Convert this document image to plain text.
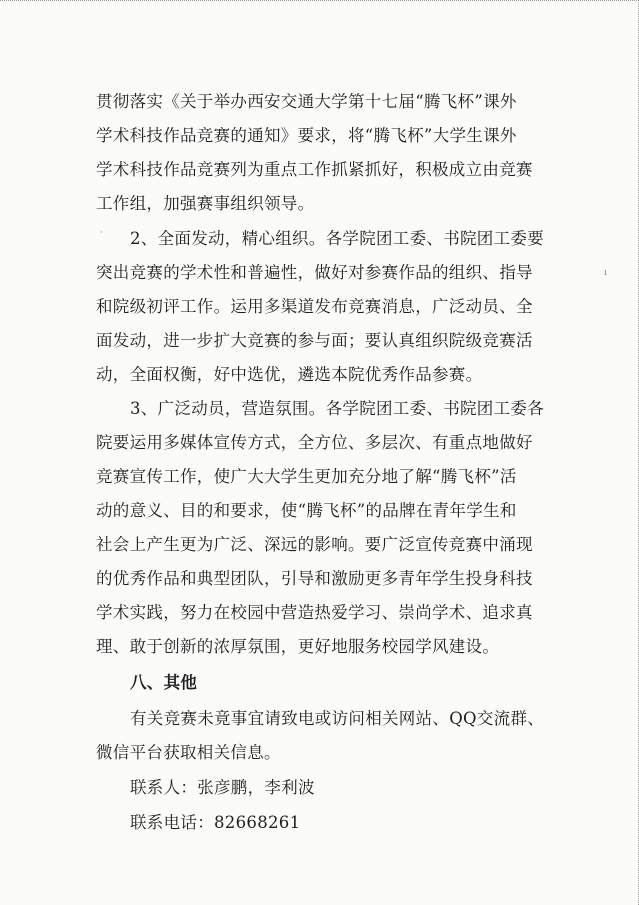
贯彻落实《关于举办西安交通大学第十七届“腾飞杯”课外

学术科技作品竞赛的通知》要求，将“腾飞杯”大学生课外

学术科技作品竞赛列为重点工作抓紧抓好，积极成立由竞赛

工作组，加强赛事组织领导。

2、全面发动，精心组织。各学院团工委、书院团工委要

突出竞赛的学术性和普遍性，做好对参赛作品的组织、指导

和院级初评工作。运用多渠道发布竞赛消息，广泛动员、全

面发动，进一步扩大竞赛的参与面；要认真组织院级竞赛活

动，全面权衡，好中选优，遴选本院优秀作品参赛。

3、广泛动员，营造氛围。各学院团工委、书院团工委各

院要运用多媒体宣传方式，全方位、多层次、有重点地做好

竞赛宣传工作，使广大大学生更加充分地了解“腾飞杯”活

动的意义、目的和要求，使“腾飞杯”的品牌在青年学生和

社会上产生更为广泛、深远的影响。要广泛宣传竞赛中涌现

的优秀作品和典型团队，引导和激励更多青年学生投身科技

学术实践，努力在校园中营造热爱学习、崇尚学术、追求真

理、敢于创新的浓厚氛围，更好地服务校园学风建设。

八、其他

有关竞赛未竟事宜请致电或访问相关网站、QQ交流群、

微信平台获取相关信息。

联系人：张彦鹏，李利波

联系电话：82668261

·
ı
